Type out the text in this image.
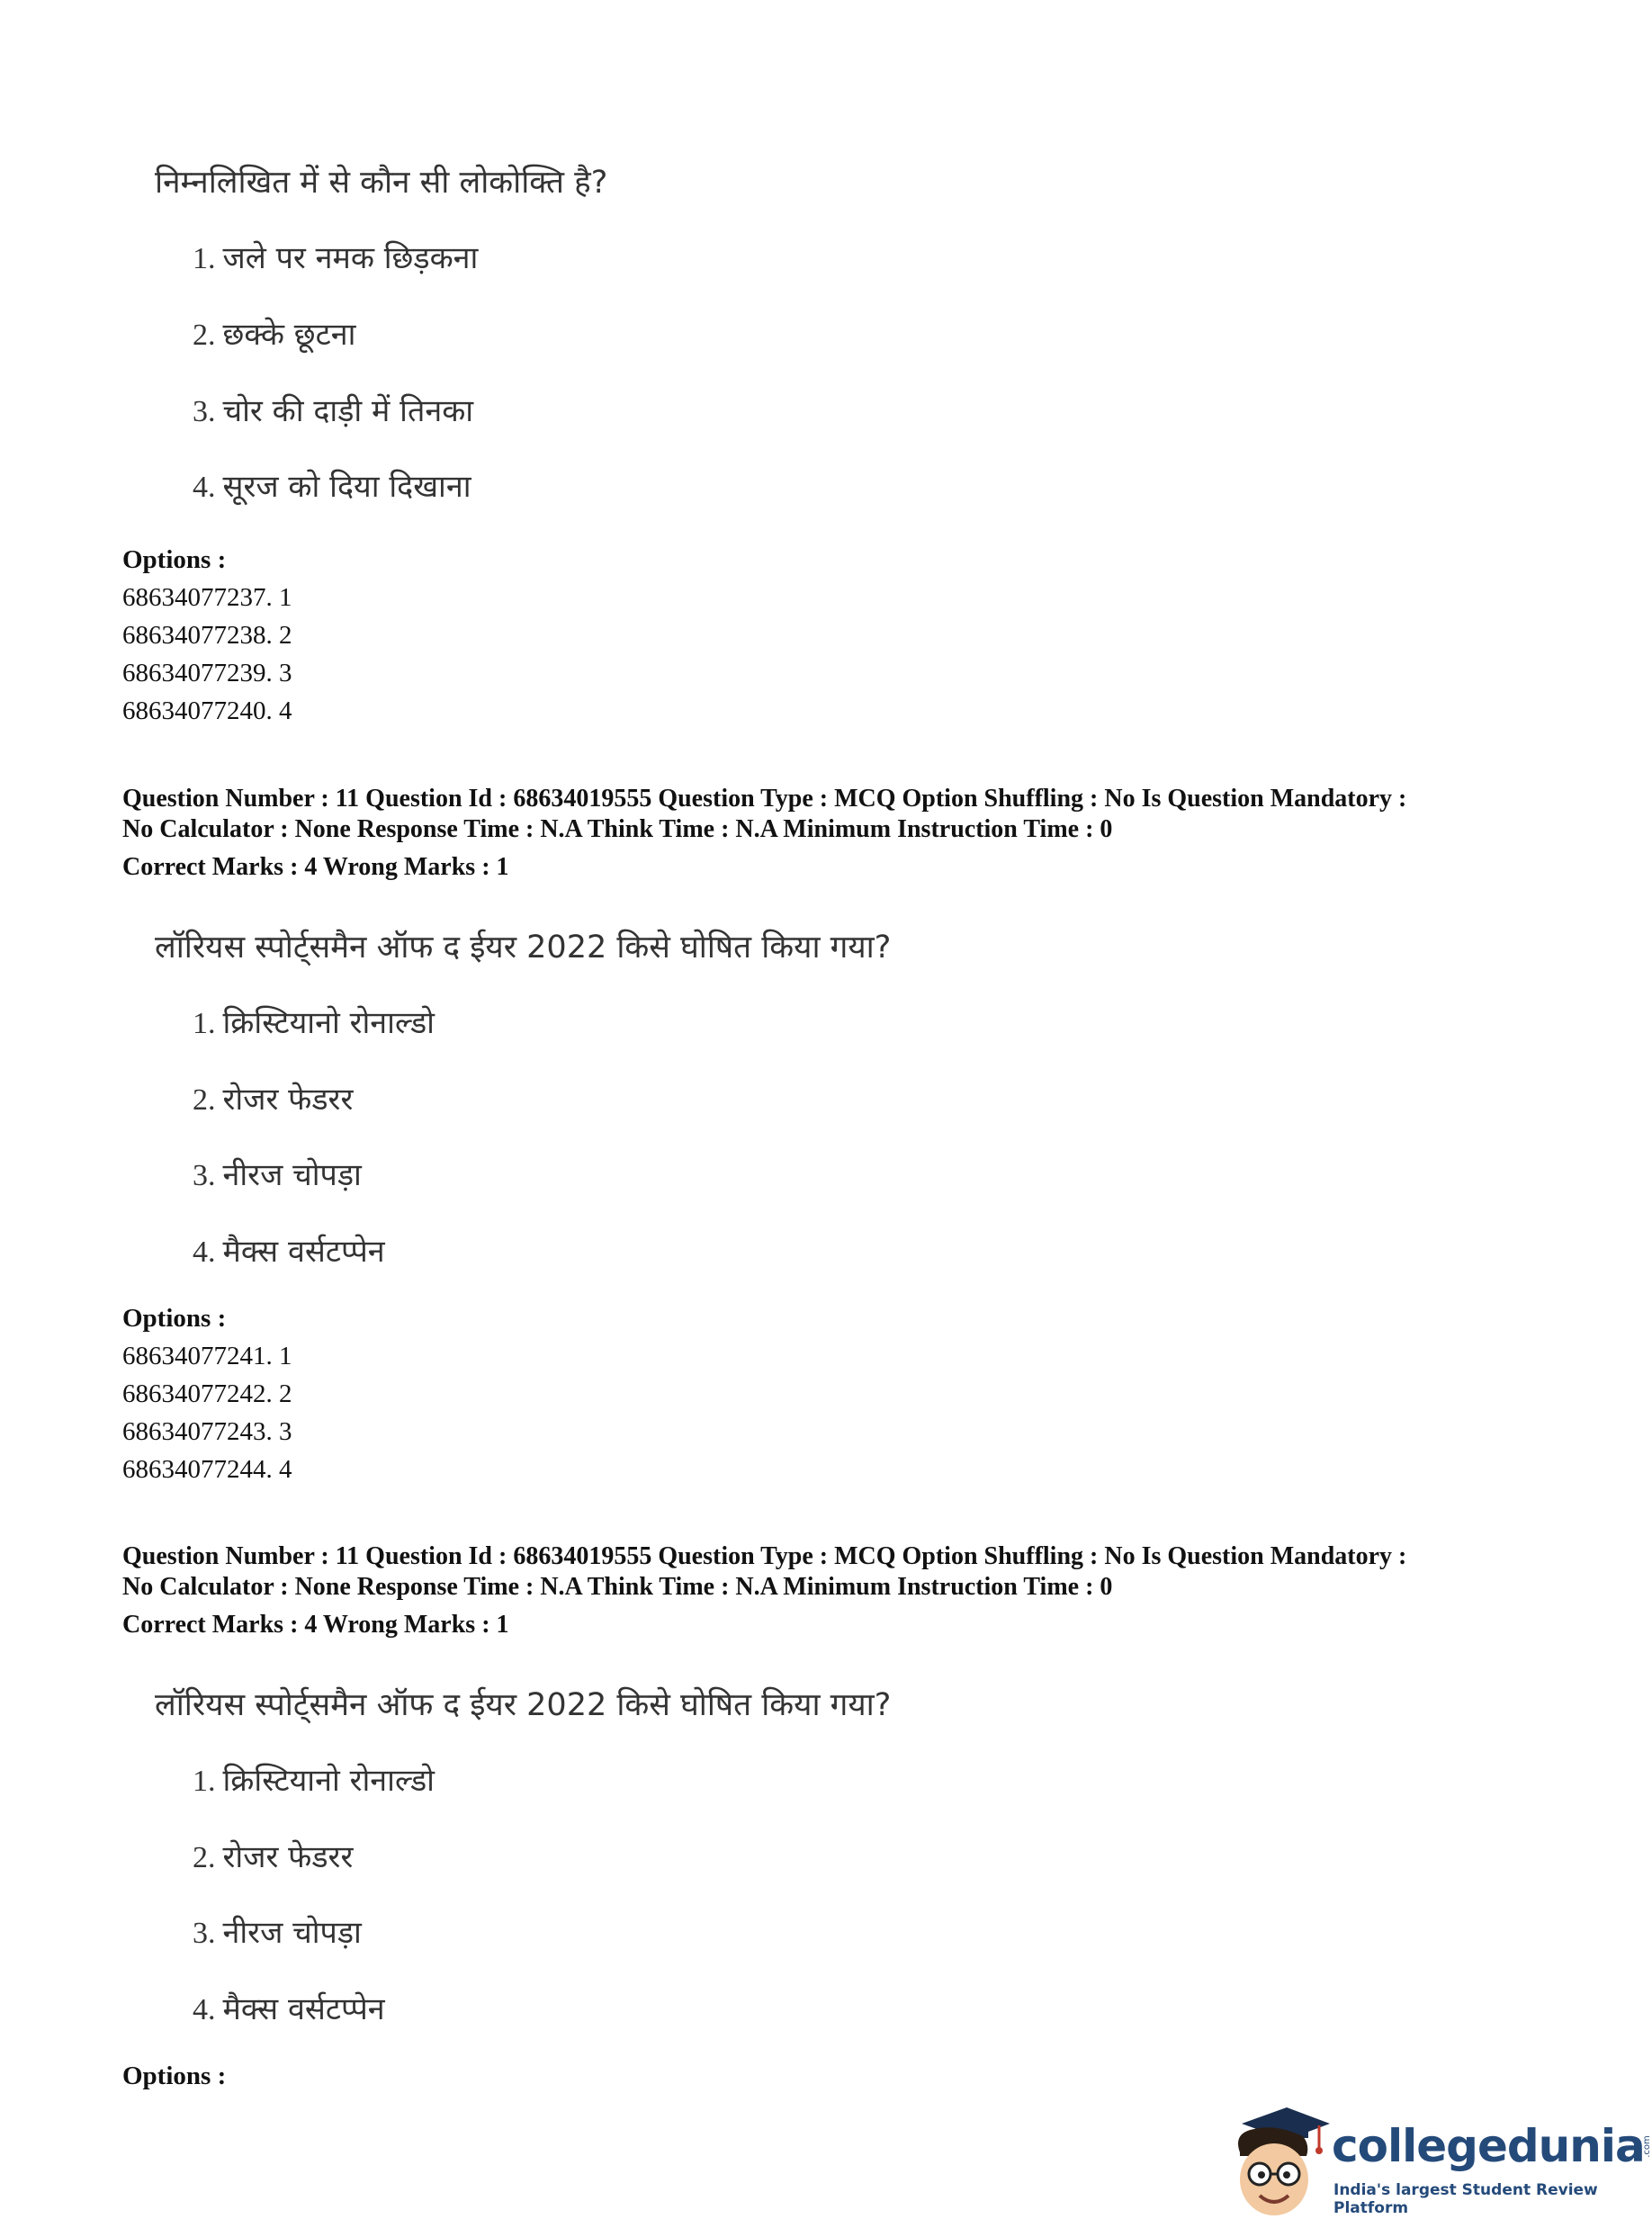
निम्नलिखित में से कौन सी लोकोक्ति है?
1. जले पर नमक छिड़कना
2. छक्के छूटना
3. चोर की दाड़ी में तिनका
4. सूरज को दिया दिखाना
Options :
68634077237. 1
68634077238. 2
68634077239. 3
68634077240. 4
Question Number : 11 Question Id : 68634019555 Question Type : MCQ Option Shuffling : No Is Question Mandatory :
No Calculator : None Response Time : N.A Think Time : N.A Minimum Instruction Time : 0
Correct Marks : 4 Wrong Marks : 1
लॉरियस स्पोर्ट्समैन ऑफ द ईयर 2022 किसे घोषित किया गया?
1. क्रिस्टियानो रोनाल्डो
2. रोजर फेडरर
3. नीरज चोपड़ा
4. मैक्स वर्सटप्पेन
Options :
68634077241. 1
68634077242. 2
68634077243. 3
68634077244. 4
Question Number : 11 Question Id : 68634019555 Question Type : MCQ Option Shuffling : No Is Question Mandatory :
No Calculator : None Response Time : N.A Think Time : N.A Minimum Instruction Time : 0
Correct Marks : 4 Wrong Marks : 1
लॉरियस स्पोर्ट्समैन ऑफ द ईयर 2022 किसे घोषित किया गया?
1. क्रिस्टियानो रोनाल्डो
2. रोजर फेडरर
3. नीरज चोपड़ा
4. मैक्स वर्सटप्पेन
Options :
collegedunia
.com
India's largest Student Review Platform
